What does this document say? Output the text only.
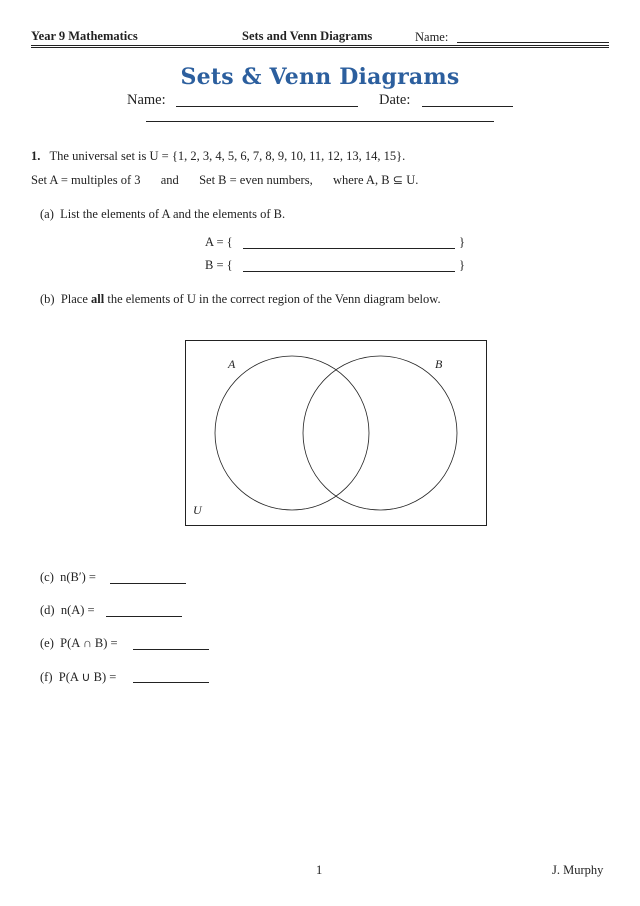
Year 9 Mathematics	Sets and Venn Diagrams	Name:
Sets & Venn Diagrams
Name:	Date:
1. The universal set is U = {1, 2, 3, 4, 5, 6, 7, 8, 9, 10, 11, 12, 13, 14, 15}.
Set A = multiples of 3 and Set B = even numbers, where A, B ⊆ U.
(a) List the elements of A and the elements of B.
A = {	}
B = {	}
(b) Place all the elements of U in the correct region of the Venn diagram below.
A	B
U
(c) n(B′) =
(d) n(A) =
(e) P(A ∩ B) =
(f) P(A ∪ B) =
1	J. Murphy
